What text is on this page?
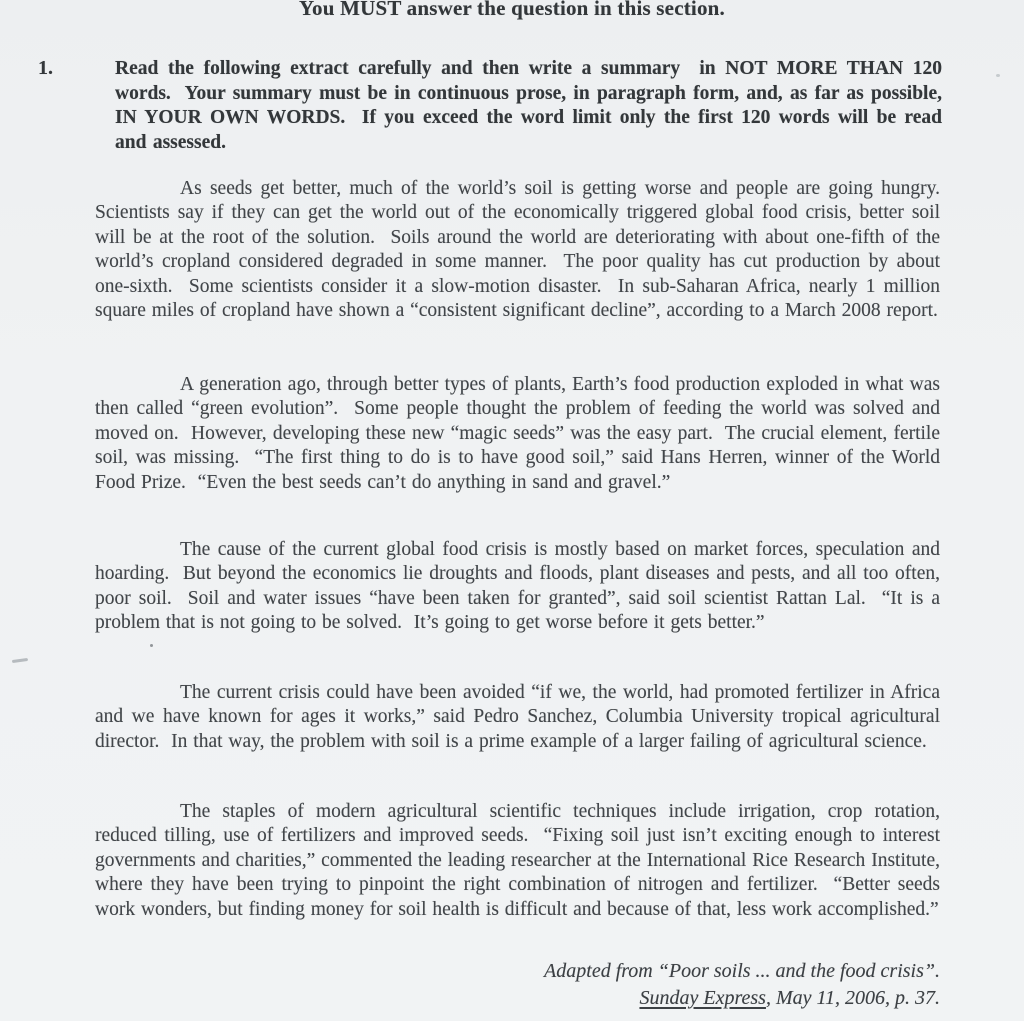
You MUST answer the question in this section.
1.	Read the following extract carefully and then write a summary  in NOT MORE THAN 120 words.  Your summary must be in continuous prose, in paragraph form, and, as far as possible, IN YOUR OWN WORDS.  If you exceed the word limit only the first 120 words will be read and assessed.

As seeds get better, much of the world’s soil is getting worse and people are going hungry.  Scientists say if they can get the world out of the economically triggered global food crisis, better soil will be at the root of the solution.  Soils around the world are deteriorating with about one-fifth of the world’s cropland considered degraded in some manner.  The poor quality has cut production by about one-sixth.  Some scientists consider it a slow-motion disaster.  In sub-Saharan Africa, nearly 1 million square miles of cropland have shown a “consistent significant decline”, according to a March 2008 report.

A generation ago, through better types of plants, Earth’s food production exploded in what was then called “green evolution”.  Some people thought the problem of feeding the world was solved and moved on.  However, developing these new “magic seeds” was the easy part.  The crucial element, fertile soil, was missing.  “The first thing to do is to have good soil,” said Hans Herren, winner of the World Food Prize.  “Even the best seeds can’t do anything in sand and gravel.”

The cause of the current global food crisis is mostly based on market forces, speculation and hoarding.  But beyond the economics lie droughts and floods, plant diseases and pests, and all too often, poor soil.  Soil and water issues “have been taken for granted”, said soil scientist Rattan Lal.  “It is a problem that is not going to be solved.  It’s going to get worse before it gets better.”

The current crisis could have been avoided “if we, the world, had promoted fertilizer in Africa and we have known for ages it works,” said Pedro Sanchez, Columbia University tropical agricultural director.  In that way, the problem with soil is a prime example of a larger failing of agricultural science.

The staples of modern agricultural scientific techniques include irrigation, crop rotation, reduced tilling, use of fertilizers and improved seeds.  “Fixing soil just isn’t exciting enough to interest governments and charities,” commented the leading researcher at the International Rice Research Institute, where they have been trying to pinpoint the right combination of nitrogen and fertilizer.  “Better seeds work wonders, but finding money for soil health is difficult and because of that, less work accomplished.”

Adapted from “Poor soils ... and the food crisis”.
Sunday Express, May 11, 2006, p. 37.
